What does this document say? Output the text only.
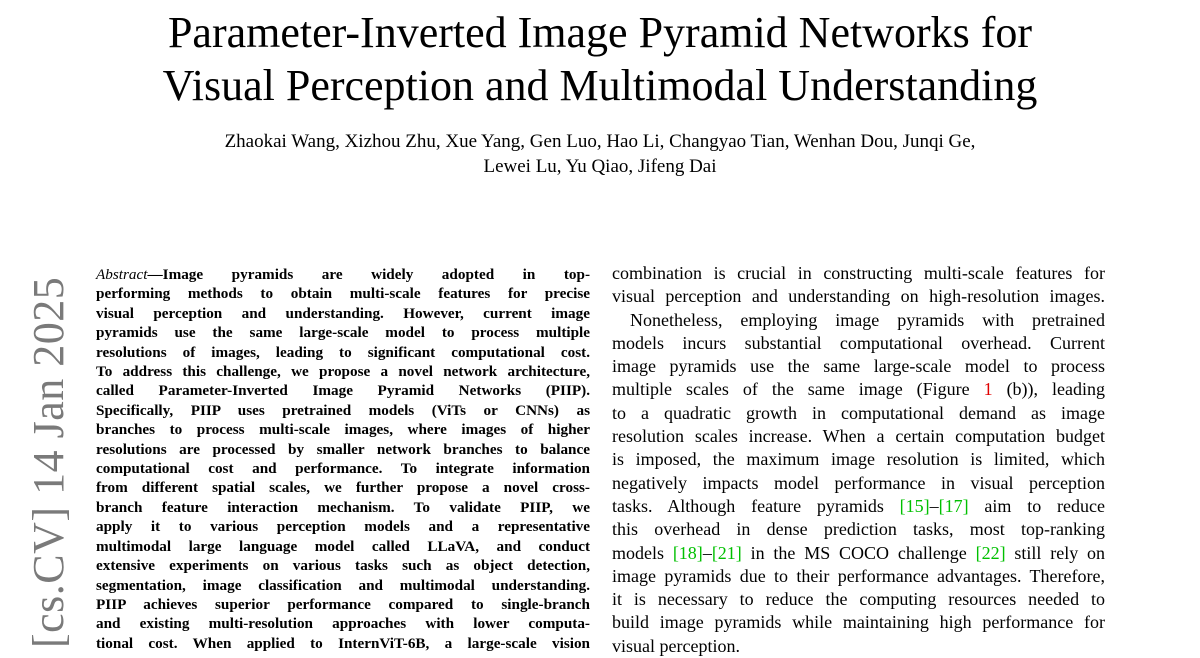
Parameter-Inverted Image Pyramid Networks for
Visual Perception and Multimodal Understanding
Zhaokai Wang, Xizhou Zhu, Xue Yang, Gen Luo, Hao Li, Changyao Tian, Wenhan Dou, Junqi Ge,
Lewei Lu, Yu Qiao, Jifeng Dai
[cs.CV] 14 Jan 2025
Abstract—Image pyramids are widely adopted in top-
performing methods to obtain multi-scale features for precise
visual perception and understanding. However, current image
pyramids use the same large-scale model to process multiple
resolutions of images, leading to significant computational cost.
To address this challenge, we propose a novel network architecture,
called Parameter-Inverted Image Pyramid Networks (PIIP).
Specifically, PIIP uses pretrained models (ViTs or CNNs) as
branches to process multi-scale images, where images of higher
resolutions are processed by smaller network branches to balance
computational cost and performance. To integrate information
from different spatial scales, we further propose a novel cross-
branch feature interaction mechanism. To validate PIIP, we
apply it to various perception models and a representative
multimodal large language model called LLaVA, and conduct
extensive experiments on various tasks such as object detection,
segmentation, image classification and multimodal understanding.
PIIP achieves superior performance compared to single-branch
and existing multi-resolution approaches with lower computa-
tional cost. When applied to InternViT-6B, a large-scale vision
combination is crucial in constructing multi-scale features for
visual perception and understanding on high-resolution images.
Nonetheless, employing image pyramids with pretrained
models incurs substantial computational overhead. Current
image pyramids use the same large-scale model to process
multiple scales of the same image (Figure 1 (b)), leading
to a quadratic growth in computational demand as image
resolution scales increase. When a certain computation budget
is imposed, the maximum image resolution is limited, which
negatively impacts model performance in visual perception
tasks. Although feature pyramids [15]–[17] aim to reduce
this overhead in dense prediction tasks, most top-ranking
models [18]–[21] in the MS COCO challenge [22] still rely on
image pyramids due to their performance advantages. Therefore,
it is necessary to reduce the computing resources needed to
build image pyramids while maintaining high performance for
visual perception.
